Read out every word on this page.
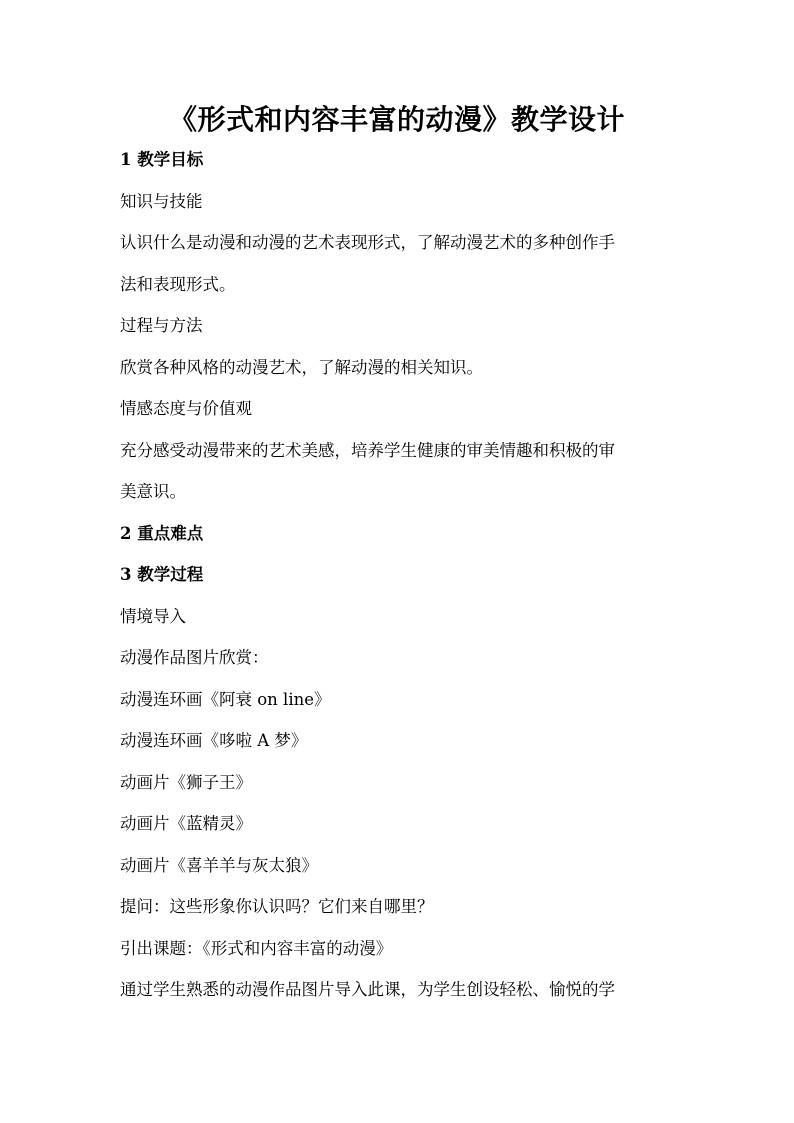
《形式和内容丰富的动漫》教学设计
1 教学目标
知识与技能
认识什么是动漫和动漫的艺术表现形式，了解动漫艺术的多种创作手
法和表现形式。
过程与方法
欣赏各种风格的动漫艺术，了解动漫的相关知识。
情感态度与价值观
充分感受动漫带来的艺术美感，培养学生健康的审美情趣和积极的审
美意识。
2 重点难点
3 教学过程
情境导入
动漫作品图片欣赏：
动漫连环画《阿衰 on line》
动漫连环画《哆啦 A 梦》
动画片《狮子王》
动画片《蓝精灵》
动画片《喜羊羊与灰太狼》
提问：这些形象你认识吗？它们来自哪里？
引出课题：《形式和内容丰富的动漫》
通过学生熟悉的动漫作品图片导入此课，为学生创设轻松、愉悦的学
